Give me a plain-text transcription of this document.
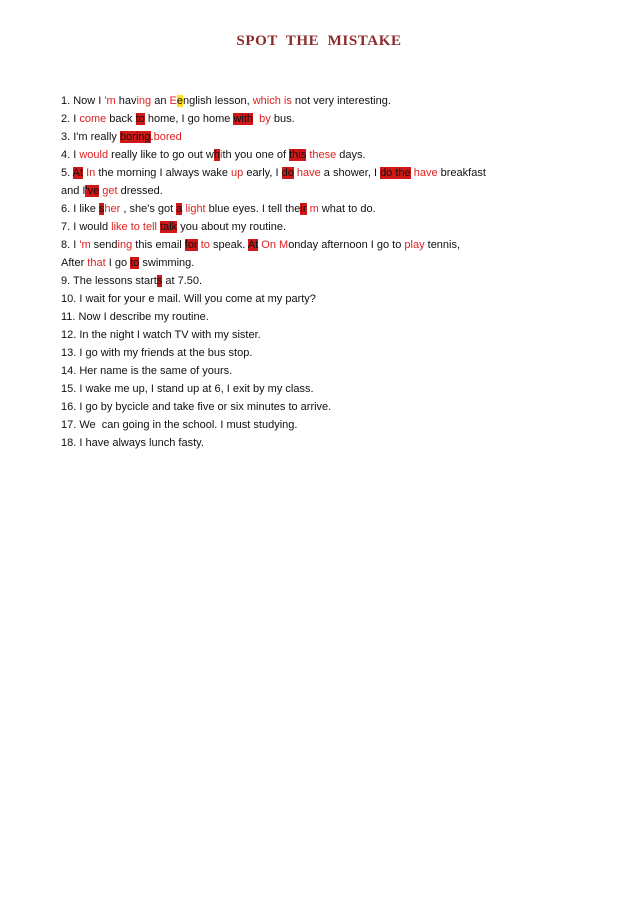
SPOT THE MISTAKE
1. Now I 'm having an Eenglish lesson, which is not very interesting.
2. I come back to home, I go home with by bus.
3. I'm really boring.bored
4. I would really like to go out whith you one of this these days.
5. At In the morning I always wake up early, I do have a shower, I do the have breakfast
and I've get dressed.
6. I like sher , she's got a light blue eyes. I tell their m what to do.
7. I would like to tell talk you about my routine.
8. I 'm sending this email for to speak. At On Monday afternoon I go to play tennis,
After that I go to swimming.
9. The lessons starts at 7.50.
10. I wait for your e mail. Will you come at my party?
11. Now I describe my routine.
12. In the night I watch TV with my sister.
13. I go with my friends at the bus stop.
14. Her name is the same of yours.
15. I wake me up, I stand up at 6, I exit by my class.
16. I go by bycicle and take five or six minutes to arrive.
17. We  can going in the school. I must studying.
18. I have always lunch fasty.
